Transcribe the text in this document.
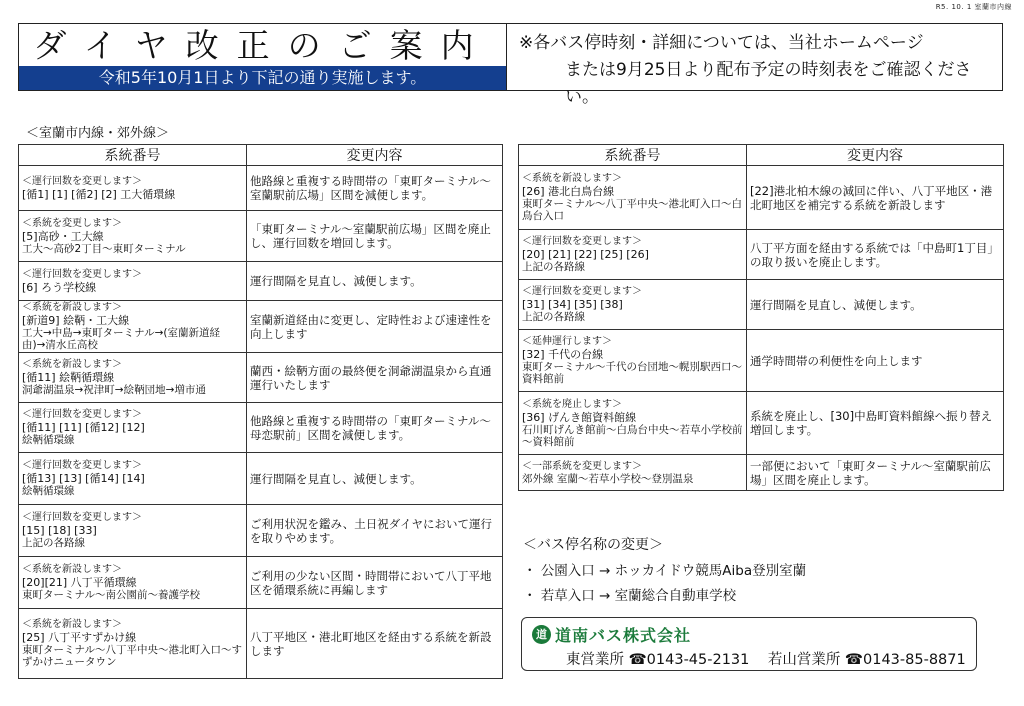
R5. 10. 1 室蘭市内線
ダイヤ改正のご案内
令和5年10月1日より下記の通り実施します。
※各バス停時刻・詳細については、当社ホームページ
または9月25日より配布予定の時刻表をご確認ください。
＜室蘭市内線・郊外線＞
系統番号	変更内容

＜運行回数を変更します＞
[循1] [1] [循2] [2] 工大循環線	他路線と重複する時間帯の「東町ターミナル～室蘭駅前広場」区間を減便します。

＜系統を変更します＞
[5]高砂・工大線
工大～高砂2丁目～東町ターミナル	「東町ターミナル～室蘭駅前広場」区間を廃止し、運行回数を増回します。

＜運行回数を変更します＞
[6] ろう学校線	運行間隔を見直し、減便します。

＜系統を新設します＞
[新道9] 絵鞆・工大線
工大→中島→東町ターミナル→(室蘭新道経由)→清水丘高校	室蘭新道経由に変更し、定時性および速達性を向上します

＜系統を新設します＞
[循11] 絵鞆循環線
洞爺湖温泉→祝津町→絵鞆団地→増市通	蘭西・絵鞆方面の最終便を洞爺湖温泉から直通運行いたします

＜運行回数を変更します＞
[循11] [11] [循12] [12]
絵鞆循環線	他路線と重複する時間帯の「東町ターミナル～母恋駅前」区間を減便します。

＜運行回数を変更します＞
[循13] [13] [循14] [14]
絵鞆循環線	運行間隔を見直し、減便します。

＜運行回数を変更します＞
[15] [18] [33]
上記の各路線	ご利用状況を鑑み、土日祝ダイヤにおいて運行を取りやめます。

＜系統を新設します＞
[20][21] 八丁平循環線
東町ターミナル～南公園前～養護学校	ご利用の少ない区間・時間帯において八丁平地区を循環系統に再編します

＜系統を新設します＞
[25] 八丁平すずかけ線
東町ターミナル～八丁平中央～港北町入口～すずかけニュータウン	八丁平地区・港北町地区を経由する系統を新設します
系統番号	変更内容

＜系統を新設します＞
[26] 港北白鳥台線
東町ターミナル～八丁平中央～港北町入口～白鳥台入口	[22]港北柏木線の減回に伴い、八丁平地区・港北町地区を補完する系統を新設します

＜運行回数を変更します＞
[20] [21] [22] [25] [26]
上記の各路線	八丁平方面を経由する系統では「中島町1丁目」の取り扱いを廃止します。

＜運行回数を変更します＞
[31] [34] [35] [38]
上記の各路線	運行間隔を見直し、減便します。

＜延伸運行します＞
[32] 千代の台線
東町ターミナル～千代の台団地～幌別駅西口～資料館前	通学時間帯の利便性を向上します

＜系統を廃止します＞
[36] げんき館資料館線
石川町げんき館前～白鳥台中央～若草小学校前～資料館前	系統を廃止し、[30]中島町資料館線へ振り替え増回します。

＜一部系統を変更します＞
郊外線 室蘭～若草小学校～登別温泉	一部便において「東町ターミナル～室蘭駅前広場」区間を廃止します。
＜バス停名称の変更＞
・ 公園入口 → ホッカイドウ競馬Aiba登別室蘭
・ 若草入口 → 室蘭総合自動車学校
道 道南バス株式会社
東営業所 ☎0143-45-2131 若山営業所 ☎0143-85-8871
